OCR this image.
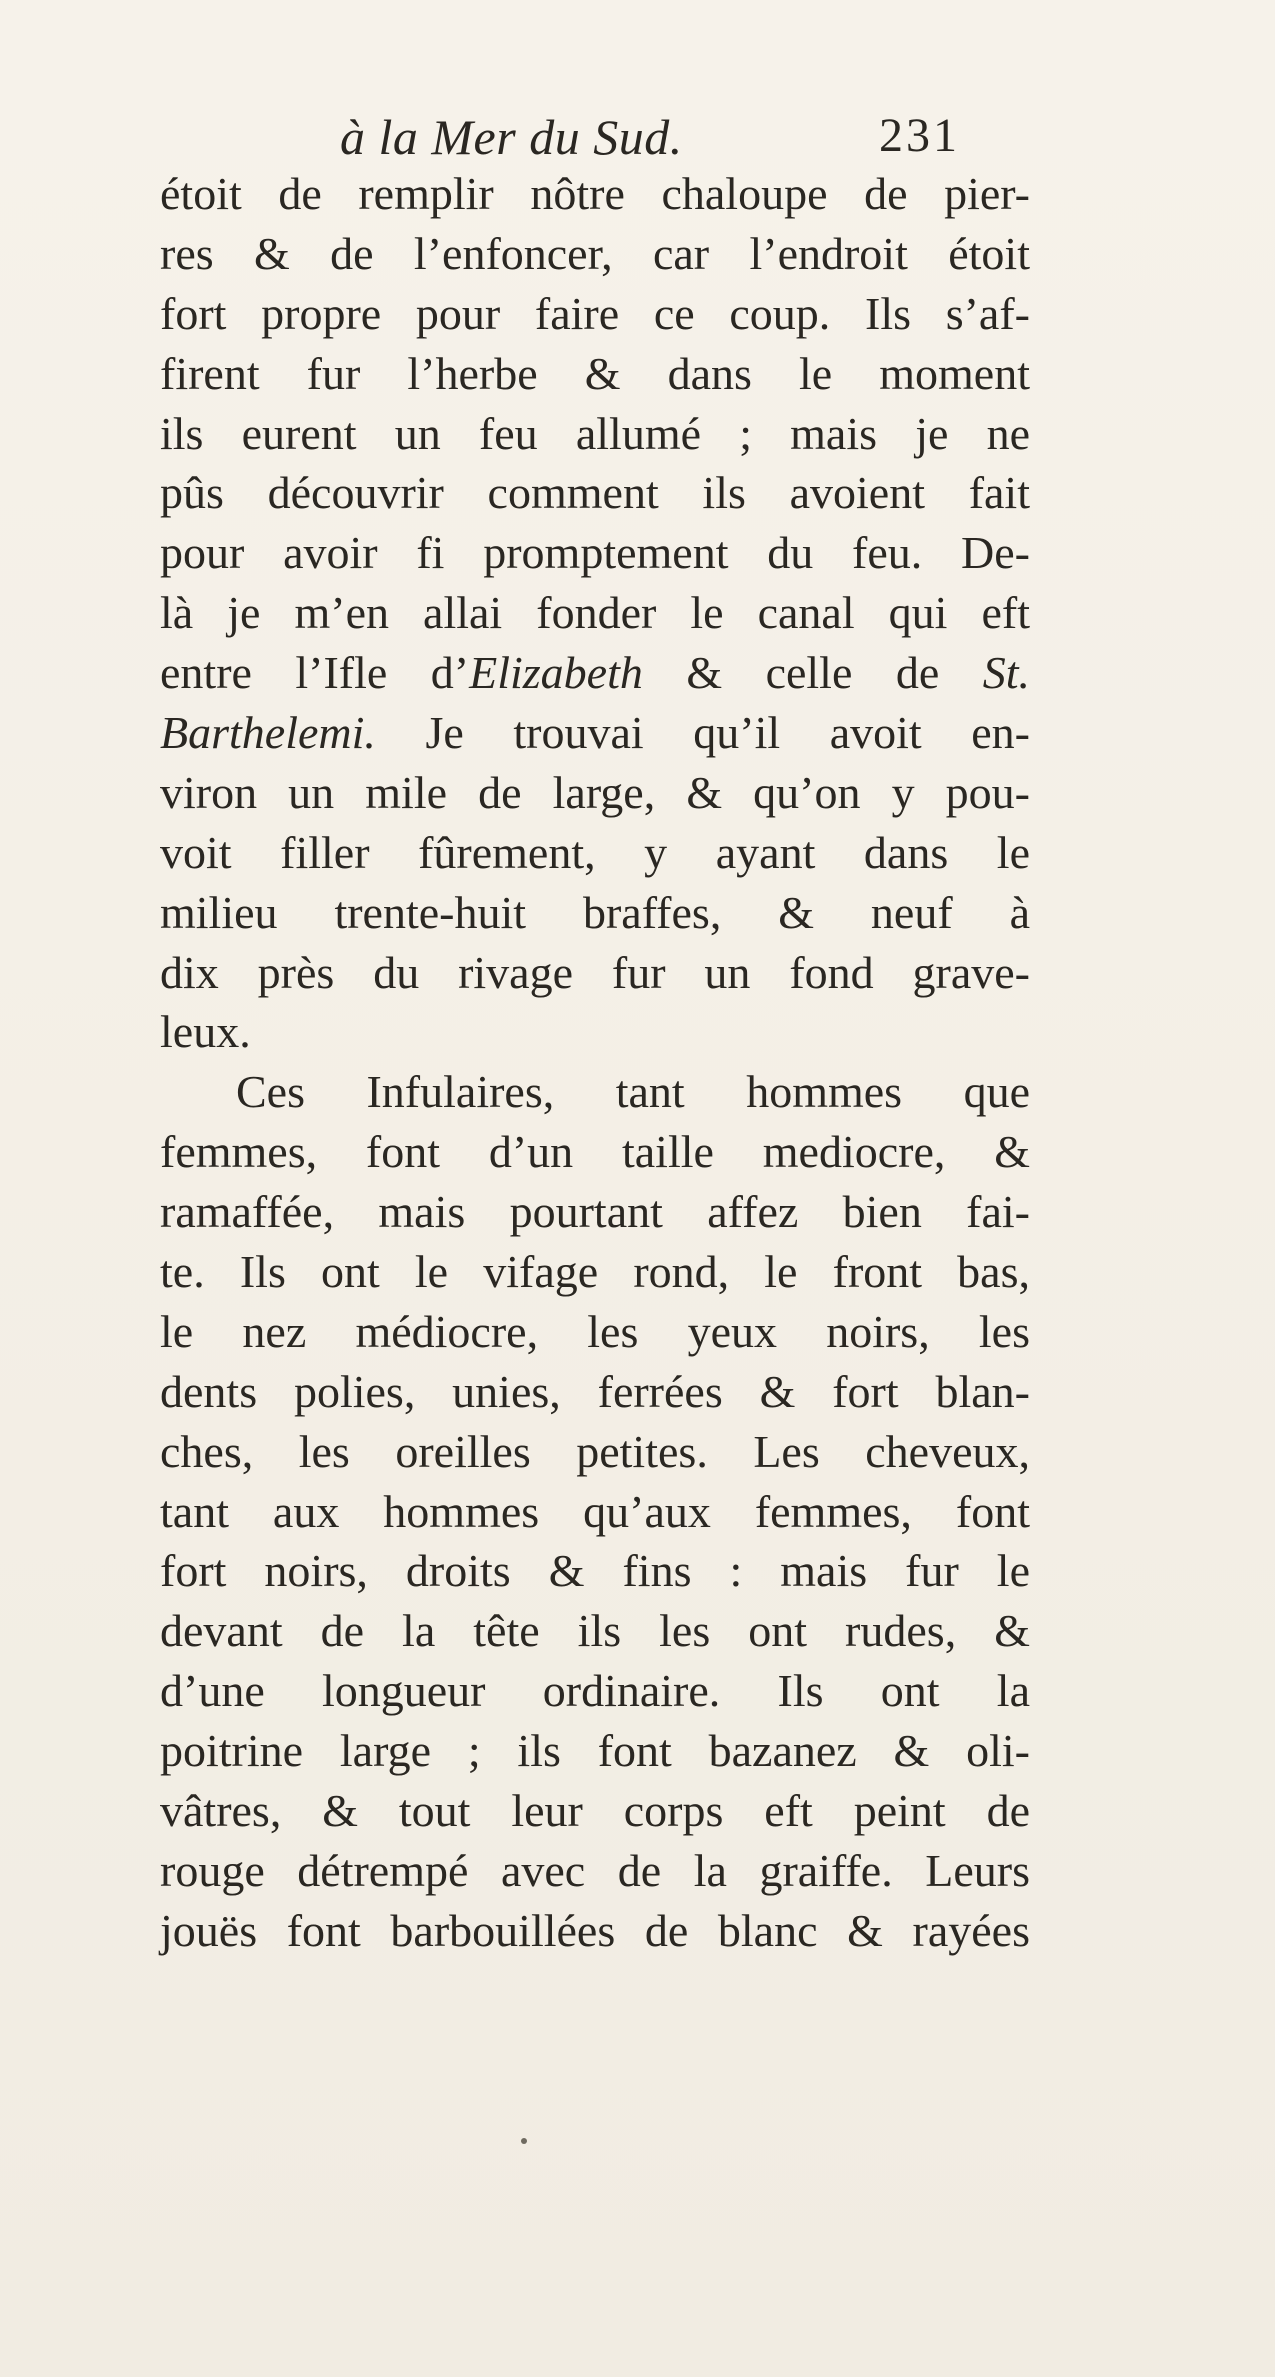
à la Mer du Sud.	231
étoit de remplir nôtre chaloupe de pier-
res & de l’enfoncer, car l’endroit étoit
fort propre pour faire ce coup. Ils s’af-
firent fur l’herbe & dans le moment
ils eurent un feu allumé ; mais je ne
pûs découvrir comment ils avoient fait
pour avoir fi promptement du feu. De-
là je m’en allai fonder le canal qui eft
entre l’Ifle d’Elizabeth & celle de St.
Barthelemi. Je trouvai qu’il avoit en-
viron un mile de large, & qu’on y pou-
voit filler fûrement, y ayant dans le
milieu trente-huit braffes, & neuf à
dix près du rivage fur un fond grave-
leux.
Ces Infulaires, tant hommes que
femmes, font d’un taille mediocre, &
ramaffée, mais pourtant affez bien fai-
te. Ils ont le vifage rond, le front bas,
le nez médiocre, les yeux noirs, les
dents polies, unies, ferrées & fort blan-
ches, les oreilles petites. Les cheveux,
tant aux hommes qu’aux femmes, font
fort noirs, droits & fins : mais fur le
devant de la tête ils les ont rudes, &
d’une longueur ordinaire. Ils ont la
poitrine large ; ils font bazanez & oli-
vâtres, & tout leur corps eft peint de
rouge détrempé avec de la graiffe. Leurs
jouës font barbouillées de blanc & rayées
